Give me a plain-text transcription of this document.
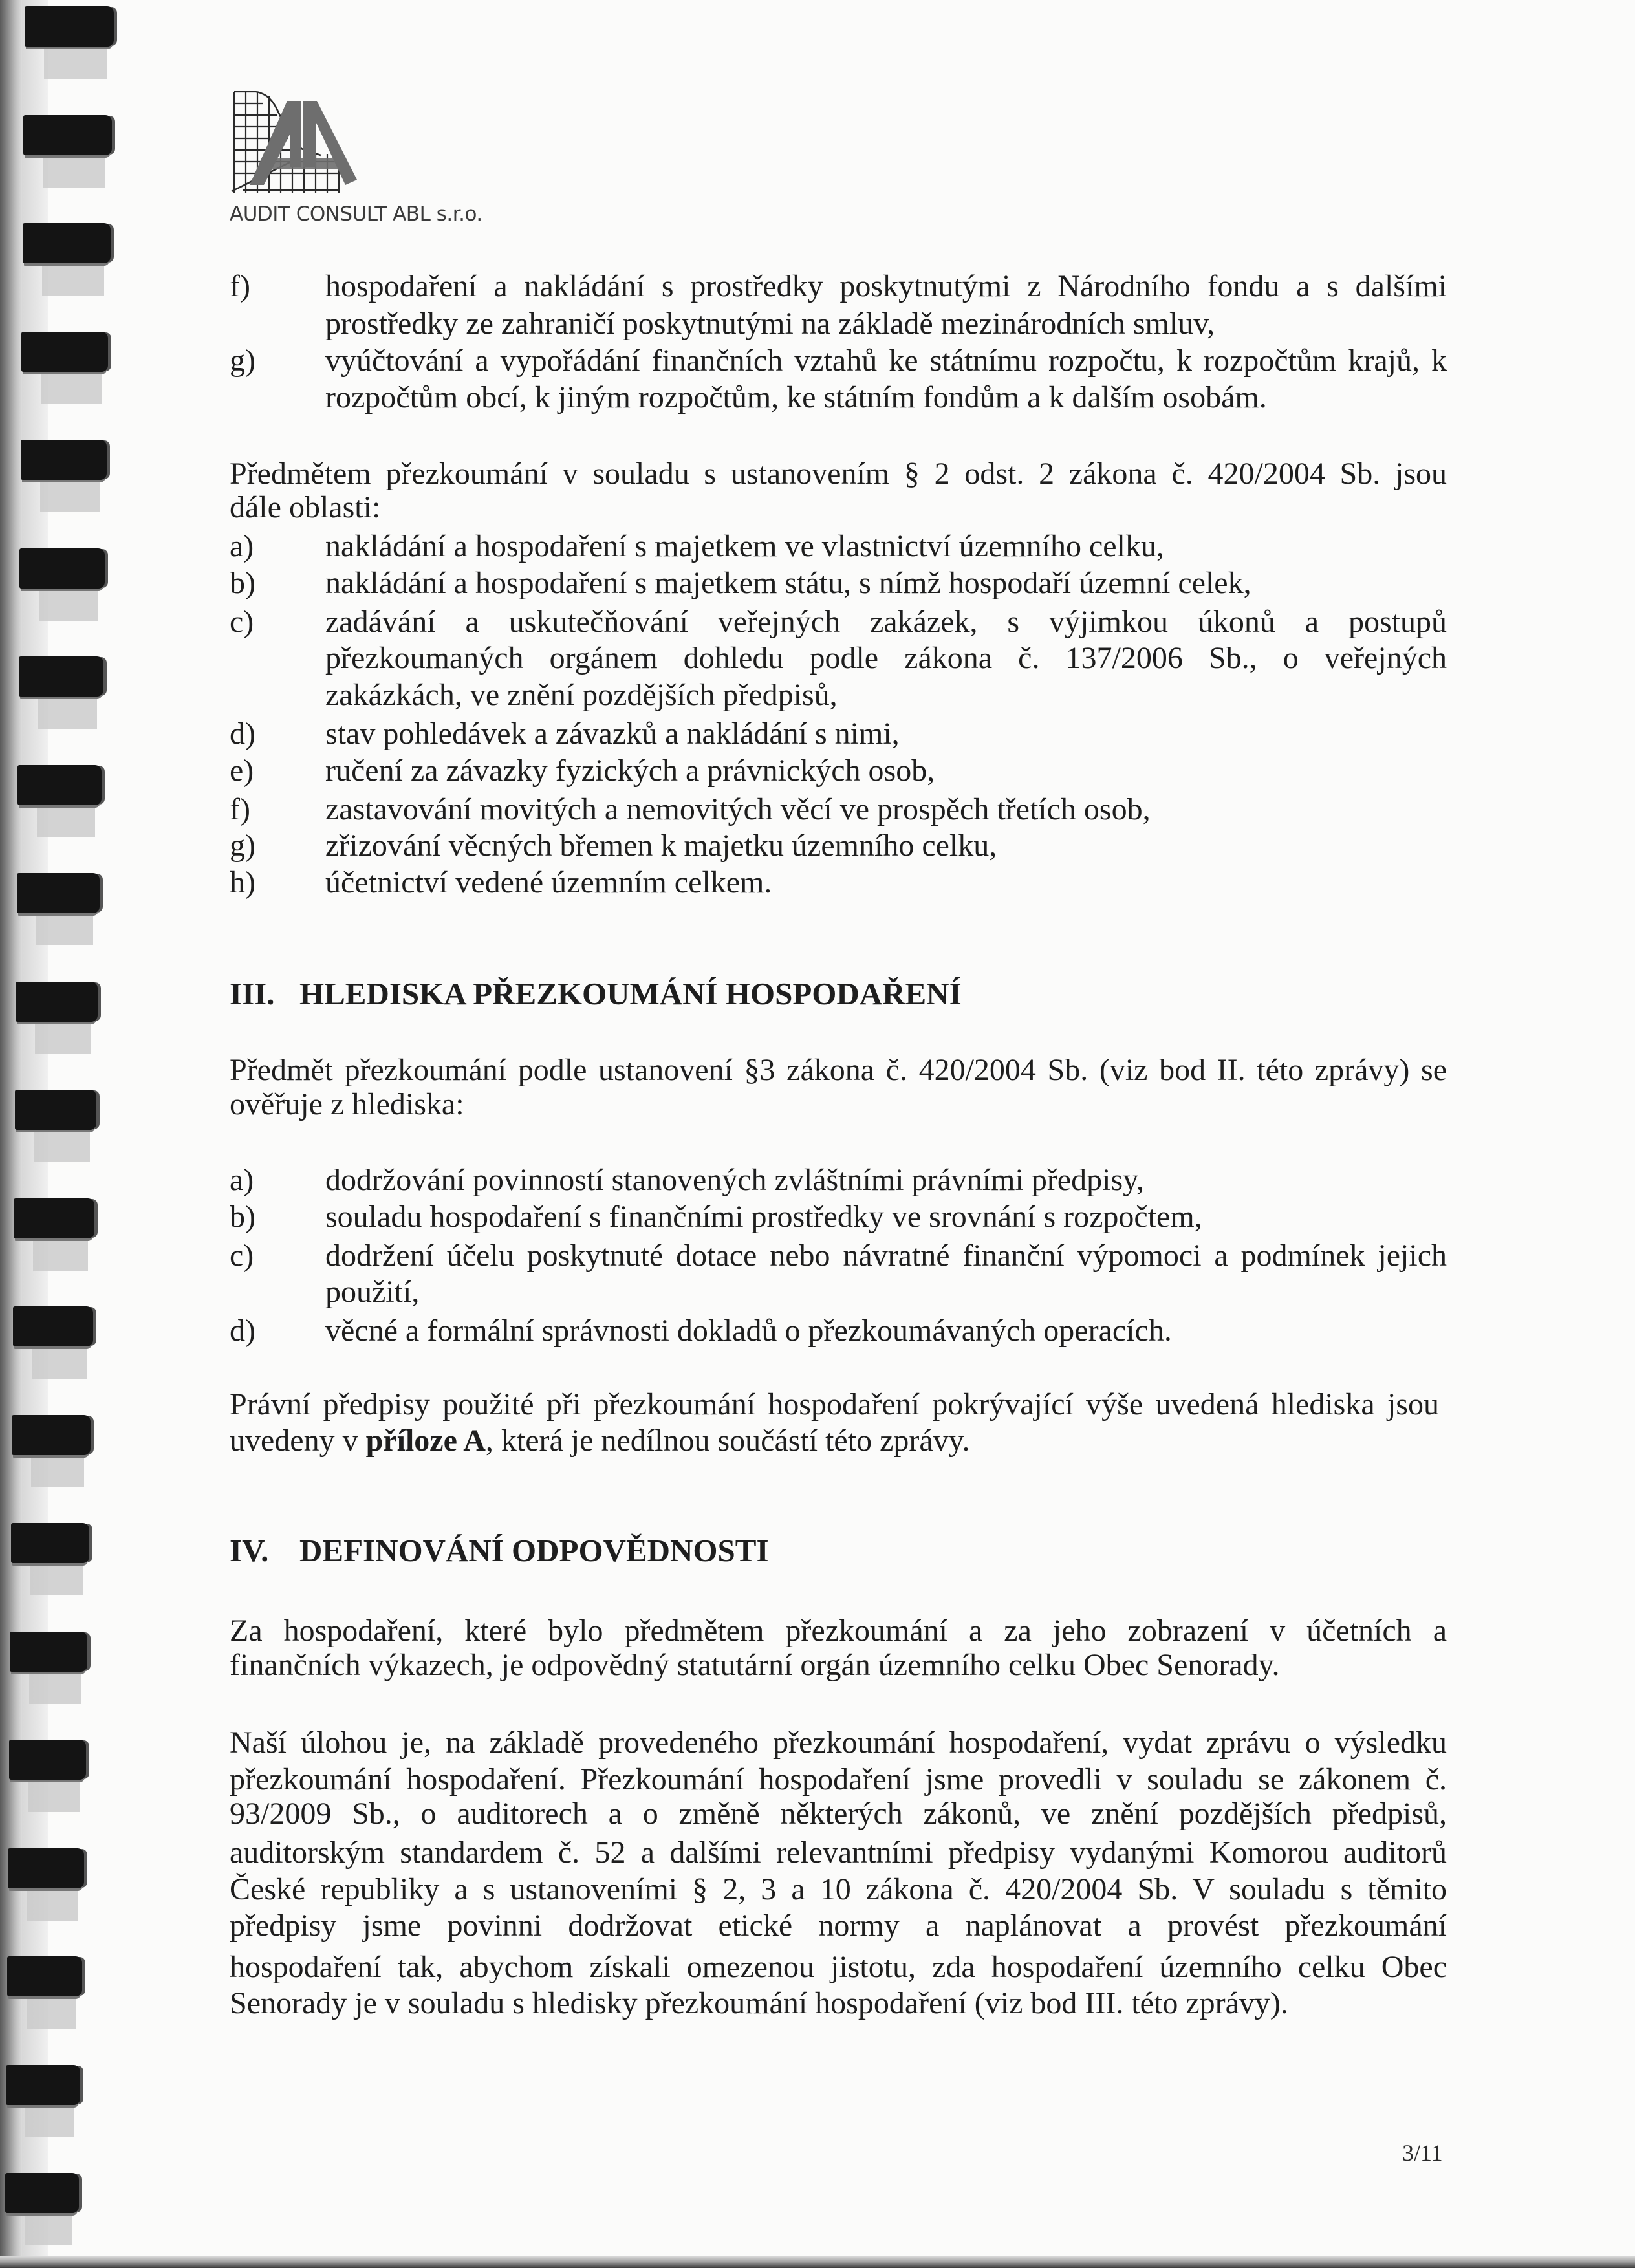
AUDIT CONSULT ABL s.r.o.
f) hospodaření a nakládání s prostředky poskytnutými z Národního fondu a s dalšími
prostředky ze zahraničí poskytnutými na základě mezinárodních smluv,
g) vyúčtování a vypořádání finančních vztahů ke státnímu rozpočtu, k rozpočtům krajů, k
rozpočtům obcí, k jiným rozpočtům, ke státním fondům a k dalším osobám.
Předmětem přezkoumání v souladu s ustanovením § 2 odst. 2 zákona č. 420/2004 Sb. jsou
dále oblasti:
a) nakládání a hospodaření s majetkem ve vlastnictví územního celku,
b) nakládání a hospodaření s majetkem státu, s nímž hospodaří územní celek,
c) zadávání a uskutečňování veřejných zakázek, s výjimkou úkonů a postupů
přezkoumaných orgánem dohledu podle zákona č. 137/2006 Sb., o veřejných
zakázkách, ve znění pozdějších předpisů,
d) stav pohledávek a závazků a nakládání s nimi,
e) ručení za závazky fyzických a právnických osob,
f) zastavování movitých a nemovitých věcí ve prospěch třetích osob,
g) zřizování věcných břemen k majetku územního celku,
h) účetnictví vedené územním celkem.
III. HLEDISKA PŘEZKOUMÁNÍ HOSPODAŘENÍ
Předmět přezkoumání podle ustanovení §3 zákona č. 420/2004 Sb. (viz bod II. této zprávy) se
ověřuje z hlediska:
a) dodržování povinností stanovených zvláštními právními předpisy,
b) souladu hospodaření s finančními prostředky ve srovnání s rozpočtem,
c) dodržení účelu poskytnuté dotace nebo návratné finanční výpomoci a podmínek jejich
použití,
d) věcné a formální správnosti dokladů o přezkoumávaných operacích.
Právní předpisy použité při přezkoumání hospodaření pokrývající výše uvedená hlediska jsou
uvedeny v příloze A, která je nedílnou součástí této zprávy.
IV. DEFINOVÁNÍ ODPOVĚDNOSTI
Za hospodaření, které bylo předmětem přezkoumání a za jeho zobrazení v účetních a
finančních výkazech, je odpovědný statutární orgán územního celku Obec Senorady.
Naší úlohou je, na základě provedeného přezkoumání hospodaření, vydat zprávu o výsledku
přezkoumání hospodaření. Přezkoumání hospodaření jsme provedli v souladu se zákonem č.
93/2009 Sb., o auditorech a o změně některých zákonů, ve znění pozdějších předpisů,
auditorským standardem č. 52 a dalšími relevantními předpisy vydanými Komorou auditorů
České republiky a s ustanoveními § 2, 3 a 10 zákona č. 420/2004 Sb. V souladu s těmito
předpisy jsme povinni dodržovat etické normy a naplánovat a provést přezkoumání
hospodaření tak, abychom získali omezenou jistotu, zda hospodaření územního celku Obec
Senorady je v souladu s hledisky přezkoumání hospodaření (viz bod III. této zprávy).
3/11
